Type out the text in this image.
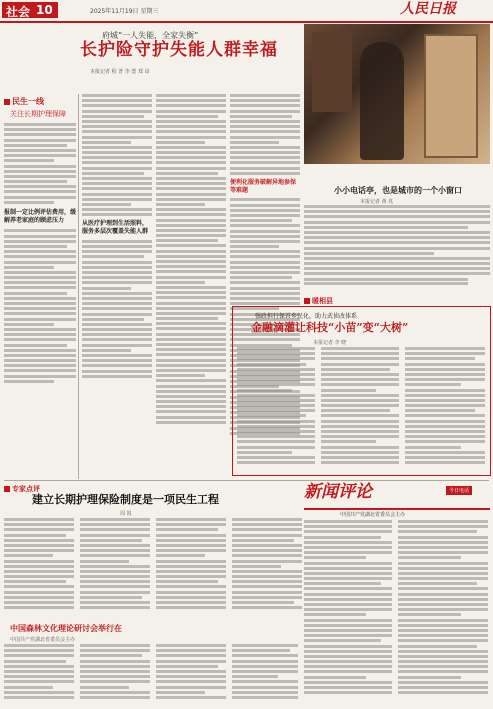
社会 10	2025年11月19日 星期三	人民日报
府城“一人失能，全家失衡”
长护险守护失能人群幸福
本报记者 程 普 李 蔷 郑 昂
民生一线
关注长期护理保障
报制一定比例评估费用，缓解养老家庭的顾虑压力
从医疗护理到生活照料，服务多层次覆盖失能人群
便利化服务破解异地参保等难题	小小电话亭，也是城市的一个小窗口
本报记者 黄 兆
暖相县
强政担行保首乡民化，助力武侦改体系
金融滴灌让科技“小苗”变“大树”
本报记者 李 晓
专家点评
建立长期护理保险制度是一项民生工程
周 锐
中国森林文化理论研讨会举行在
中国共产党湖北省委员会主办
新闻评论	今日电话
中国共产党湖北省委员会主办
